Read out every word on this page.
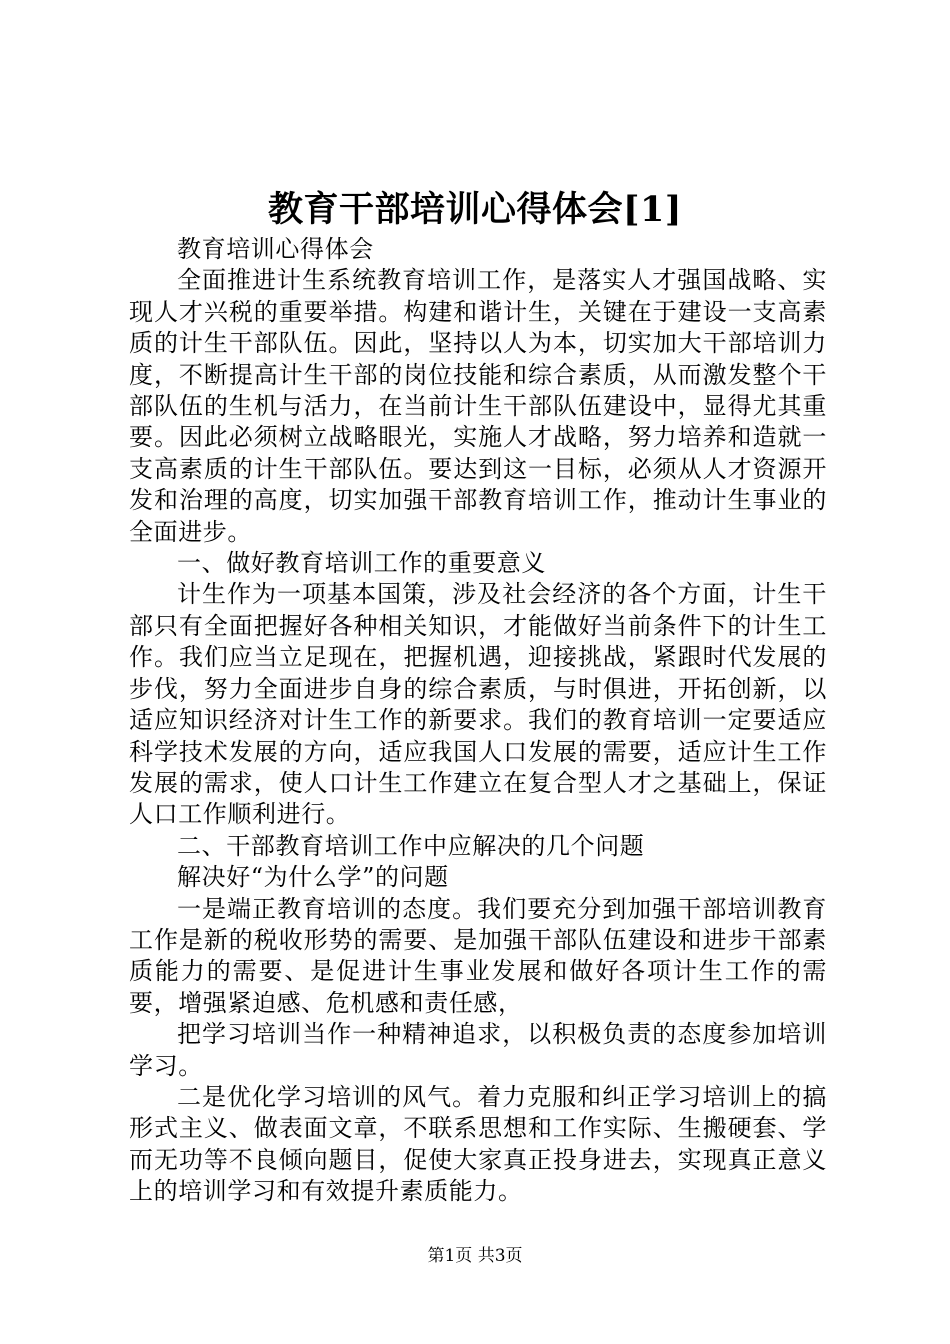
教育干部培训心得体会[1]

教育培训心得体会

全面推进计生系统教育培训工作，是落实人才强国战略、实现人才兴税的重要举措。构建和谐计生，关键在于建设一支高素质的计生干部队伍。因此，坚持以人为本，切实加大干部培训力度，不断提高计生干部的岗位技能和综合素质，从而激发整个干部队伍的生机与活力，在当前计生干部队伍建设中，显得尤其重要。因此必须树立战略眼光，实施人才战略，努力培养和造就一支高素质的计生干部队伍。要达到这一目标，必须从人才资源开发和治理的高度，切实加强干部教育培训工作，推动计生事业的全面进步。

一、做好教育培训工作的重要意义

计生作为一项基本国策，涉及社会经济的各个方面，计生干部只有全面把握好各种相关知识，才能做好当前条件下的计生工作。我们应当立足现在，把握机遇，迎接挑战，紧跟时代发展的步伐，努力全面进步自身的综合素质，与时俱进，开拓创新，以适应知识经济对计生工作的新要求。我们的教育培训一定要适应科学技术发展的方向，适应我国人口发展的需要，适应计生工作发展的需求，使人口计生工作建立在复合型人才之基础上，保证人口工作顺利进行。

二、干部教育培训工作中应解决的几个问题

解决好“为什么学”的问题

一是端正教育培训的态度。我们要充分到加强干部培训教育工作是新的税收形势的需要、是加强干部队伍建设和进步干部素质能力的需要、是促进计生事业发展和做好各项计生工作的需要，增强紧迫感、危机感和责任感，

把学习培训当作一种精神追求，以积极负责的态度参加培训学习。

二是优化学习培训的风气。着力克服和纠正学习培训上的搞形式主义、做表面文章，不联系思想和工作实际、生搬硬套、学而无功等不良倾向题目，促使大家真正投身进去，实现真正意义上的培训学习和有效提升素质能力。

第1页 共3页
